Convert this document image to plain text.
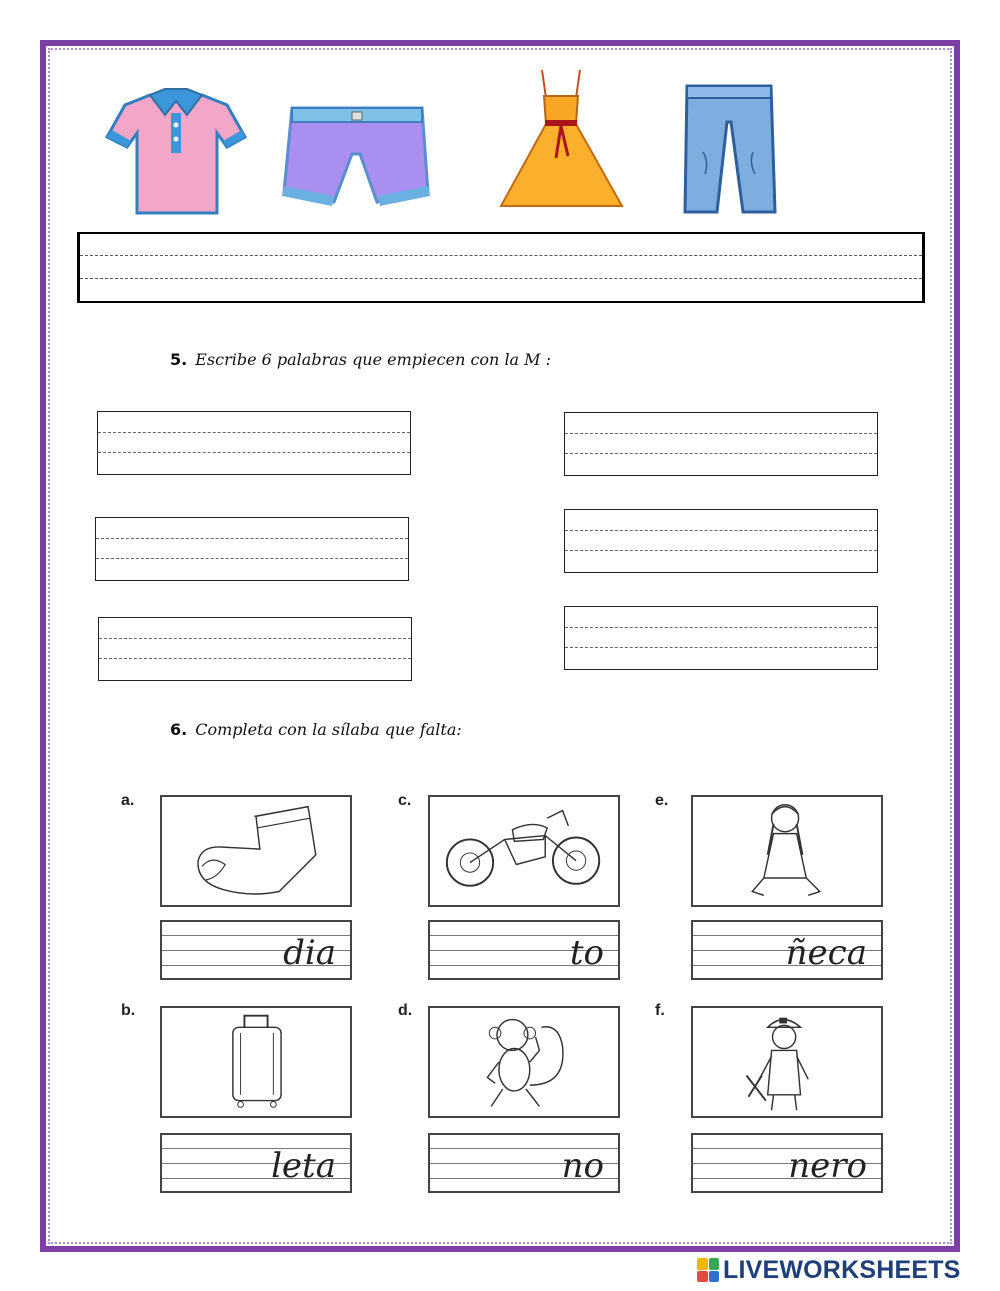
5. Escribe 6 palabras que empiecen con la M :
6. Completa con la sílaba que falta:
a.
dia
b.
leta
c.
to
d.
no
e.
ñeca
f.
nero
LIVEWORKSHEETS
